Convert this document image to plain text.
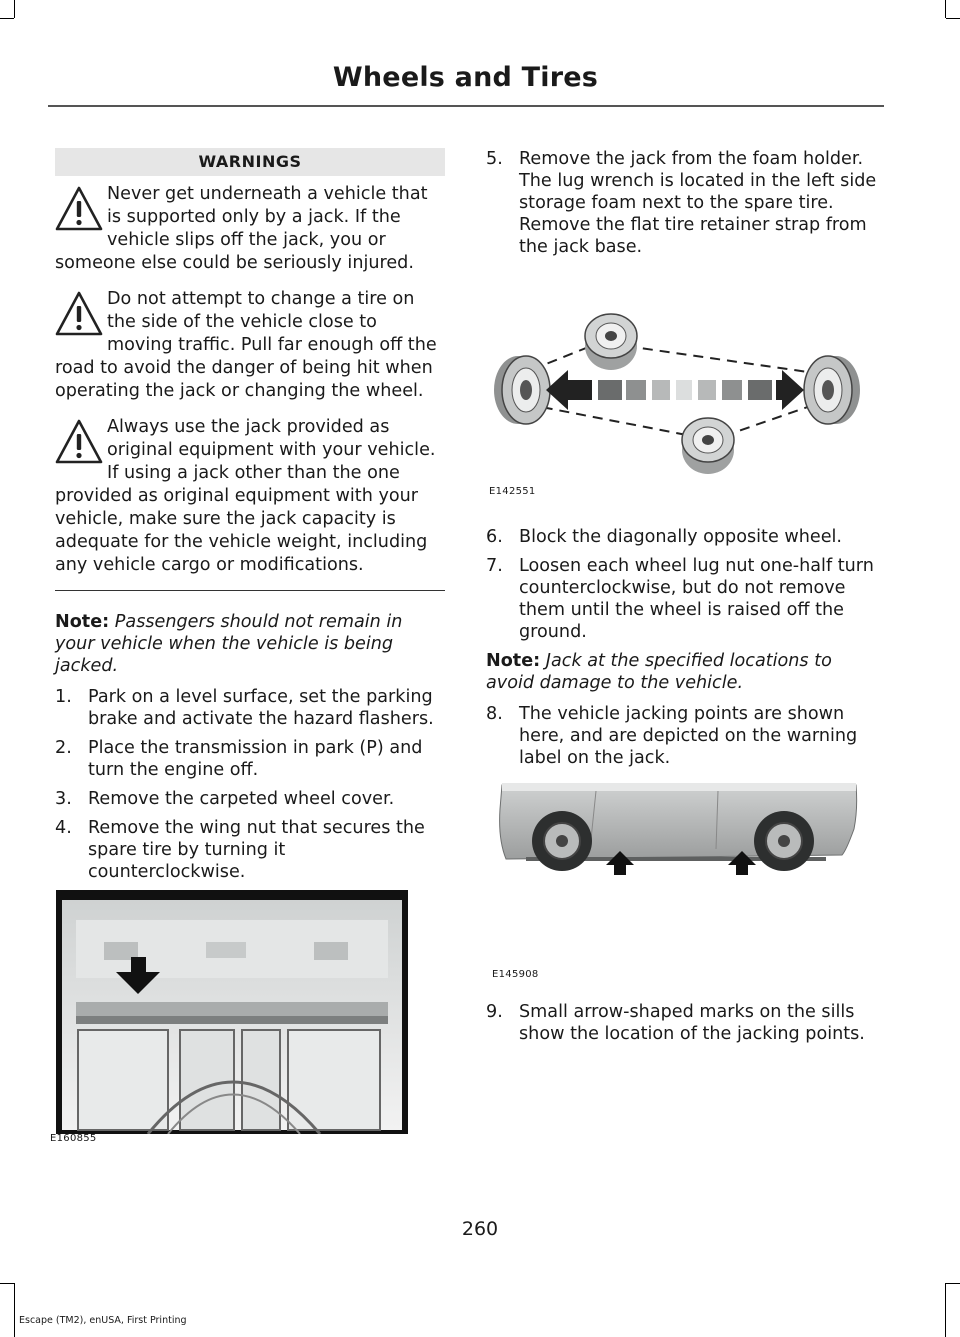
Wheels and Tires
WARNINGS
Never get underneath a vehicle that is supported only by a jack. If the vehicle slips off the jack, you or someone else could be seriously injured.
Do not attempt to change a tire on the side of the vehicle close to moving traffic. Pull far enough off the road to avoid the danger of being hit when operating the jack or changing the wheel.
Always use the jack provided as original equipment with your vehicle. If using a jack other than the one provided as original equipment with your vehicle, make sure the jack capacity is adequate for the vehicle weight, including any vehicle cargo or modifications.

Note: Passengers should not remain in your vehicle when the vehicle is being jacked.

1. Park on a level surface, set the parking brake and activate the hazard flashers.
2. Place the transmission in park (P) and turn the engine off.
3. Remove the carpeted wheel cover.
4. Remove the wing nut that secures the spare tire by turning it counterclockwise.
E160855
5. Remove the jack from the foam holder. The lug wrench is located in the left side storage foam next to the spare tire. Remove the flat tire retainer strap from the jack base.
E142551
6. Block the diagonally opposite wheel.
7. Loosen each wheel lug nut one-half turn counterclockwise, but do not remove them until the wheel is raised off the ground.

Note: Jack at the specified locations to avoid damage to the vehicle.

8. The vehicle jacking points are shown here, and are depicted on the warning label on the jack.
E145908
9. Small arrow-shaped marks on the sills show the location of the jacking points.
260
Escape (TM2), enUSA, First Printing
